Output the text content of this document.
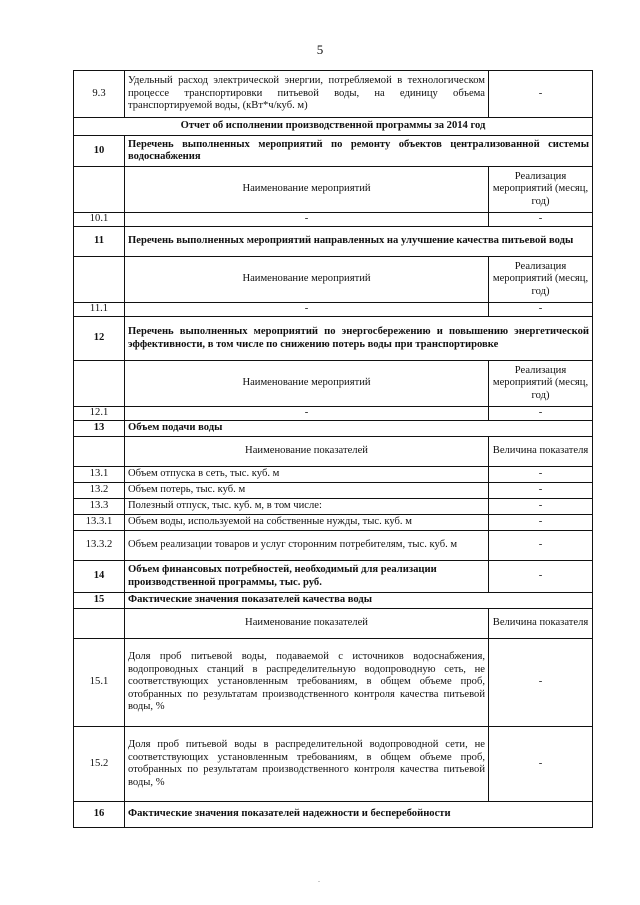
5
9.3	Удельный расход электрической энергии, потребляемой в технологическом процессе транспортировки питьевой воды, на единицу объема транспортируемой воды, (кВт*ч/куб. м)	-
Отчет об исполнении производственной программы за 2014 год		
10	Перечень выполненных мероприятий по ремонту объектов централизованной системы водоснабжения	
	Наименование мероприятий	Реализация мероприятий (месяц, год)
10.1	-	-
11	Перечень выполненных мероприятий направленных на улучшение качества питьевой воды	
	Наименование мероприятий	Реализация мероприятий (месяц, год)
11.1	-	-
12	Перечень выполненных мероприятий по энергосбережению и повышению энергетической эффективности, в том числе по снижению потерь воды при транспортировке	
	Наименование мероприятий	Реализация мероприятий (месяц, год)
12.1	-	-
13	Объем подачи воды	
	Наименование показателей	Величина показателя
13.1	Объем отпуска в сеть, тыс. куб. м	-
13.2	Объем потерь, тыс. куб. м	-
13.3	Полезный отпуск, тыс. куб. м, в том числе:	-
13.3.1	Объем воды, используемой на собственные нужды, тыс. куб. м	-
13.3.2	Объем реализации товаров и услуг сторонним потребителям, тыс. куб. м	-
14	Объем финансовых потребностей, необходимый для реализации производственной программы, тыс. руб.	-
15	Фактические значения показателей качества воды	
	Наименование показателей	Величина показателя
15.1	Доля проб питьевой воды, подаваемой с источников водоснабжения, водопроводных станций в распределительную водопроводную сеть, не соответствующих установленным требованиям, в общем объеме проб, отобранных по результатам производственного контроля качества питьевой воды, %	-
15.2	Доля проб питьевой воды в распределительной водопроводной сети, не соответствующих установленным требованиям, в общем объеме проб, отобранных по результатам производственного контроля качества питьевой воды, %	-
16	Фактические значения показателей надежности и бесперебойности	
.
